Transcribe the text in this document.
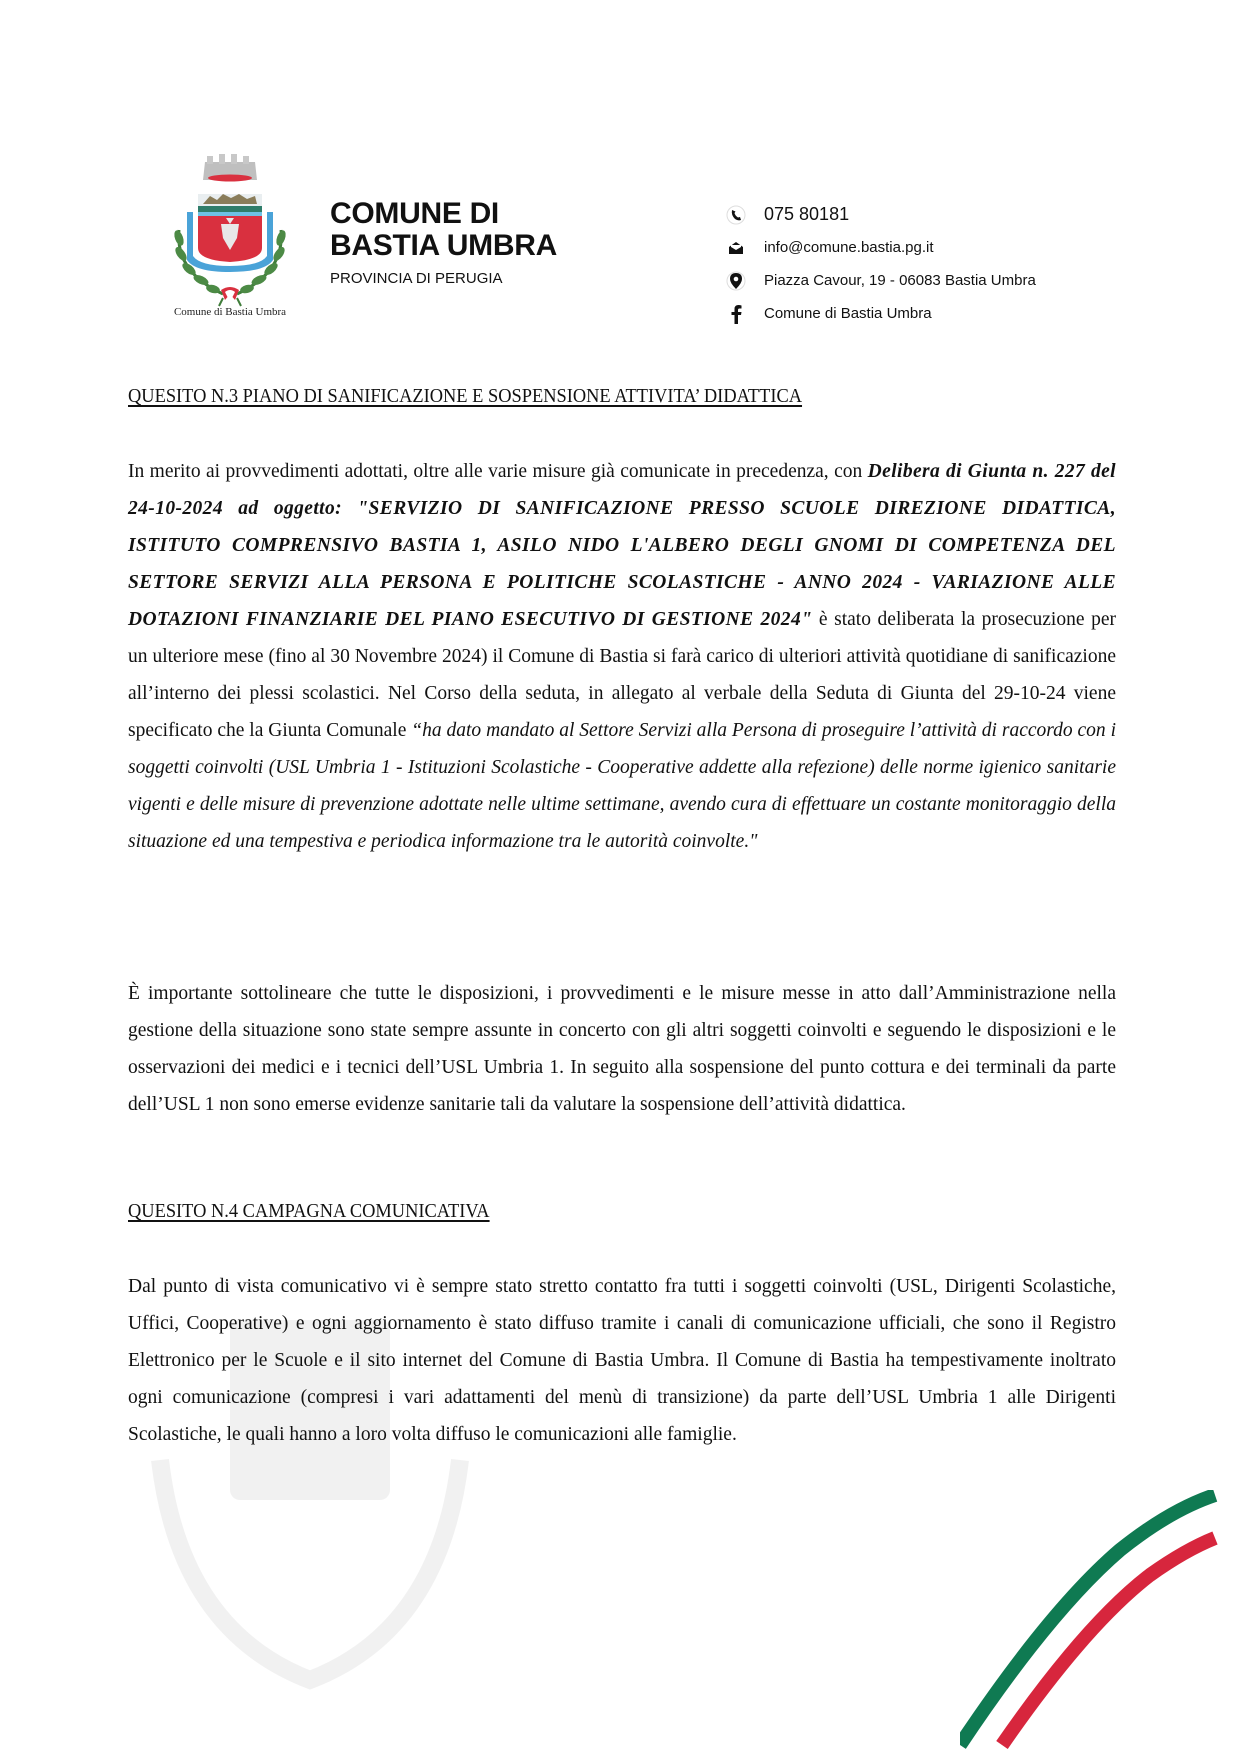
Comune di Bastia Umbra
COMUNE DI
BASTIA UMBRA
PROVINCIA DI PERUGIA
075 80181
info@comune.bastia.pg.it
Piazza Cavour, 19 - 06083 Bastia Umbra
Comune di Bastia Umbra
QUESITO N.3 PIANO DI SANIFICAZIONE E SOSPENSIONE ATTIVITA’ DIDATTICA
In merito ai provvedimenti adottati, oltre alle varie misure già comunicate in precedenza, con Delibera di Giunta n. 227 del 24-10-2024 ad oggetto: "SERVIZIO DI SANIFICAZIONE PRESSO SCUOLE DIREZIONE DIDATTICA, ISTITUTO COMPRENSIVO BASTIA 1, ASILO NIDO L'ALBERO DEGLI GNOMI DI COMPETENZA DEL SETTORE SERVIZI ALLA PERSONA E POLITICHE SCOLASTICHE - ANNO 2024 - VARIAZIONE ALLE DOTAZIONI FINANZIARIE DEL PIANO ESECUTIVO DI GESTIONE 2024" è stato deliberata la prosecuzione per un ulteriore mese (fino al 30 Novembre 2024) il Comune di Bastia si farà carico di ulteriori attività quotidiane di sanificazione all’interno dei plessi scolastici. Nel Corso della seduta, in allegato al verbale della Seduta di Giunta del 29-10-24 viene specificato che la Giunta Comunale “ha dato mandato al Settore Servizi alla Persona di proseguire l’attività di raccordo con i soggetti coinvolti (USL Umbria 1 - Istituzioni Scolastiche - Cooperative addette alla refezione) delle norme igienico sanitarie vigenti e delle misure di prevenzione adottate nelle ultime settimane, avendo cura di effettuare un costante monitoraggio della situazione ed una tempestiva e periodica informazione tra le autorità coinvolte."
È importante sottolineare che tutte le disposizioni, i provvedimenti e le misure messe in atto dall’Amministrazione nella gestione della situazione sono state sempre assunte in concerto con gli altri soggetti coinvolti e seguendo le disposizioni e le osservazioni dei medici e i tecnici dell’USL Umbria 1. In seguito alla sospensione del punto cottura e dei terminali da parte dell’USL 1 non sono emerse evidenze sanitarie tali da valutare la sospensione dell’attività didattica.
QUESITO N.4 CAMPAGNA COMUNICATIVA
Dal punto di vista comunicativo vi è sempre stato stretto contatto fra tutti i soggetti coinvolti (USL, Dirigenti Scolastiche, Uffici, Cooperative) e ogni aggiornamento è stato diffuso tramite i canali di comunicazione ufficiali, che sono il Registro Elettronico per le Scuole e il sito internet del Comune di Bastia Umbra. Il Comune di Bastia ha tempestivamente inoltrato ogni comunicazione (compresi i vari adattamenti del menù di transizione) da parte dell’USL Umbria 1 alle Dirigenti Scolastiche, le quali hanno a loro volta diffuso le comunicazioni alle famiglie.
